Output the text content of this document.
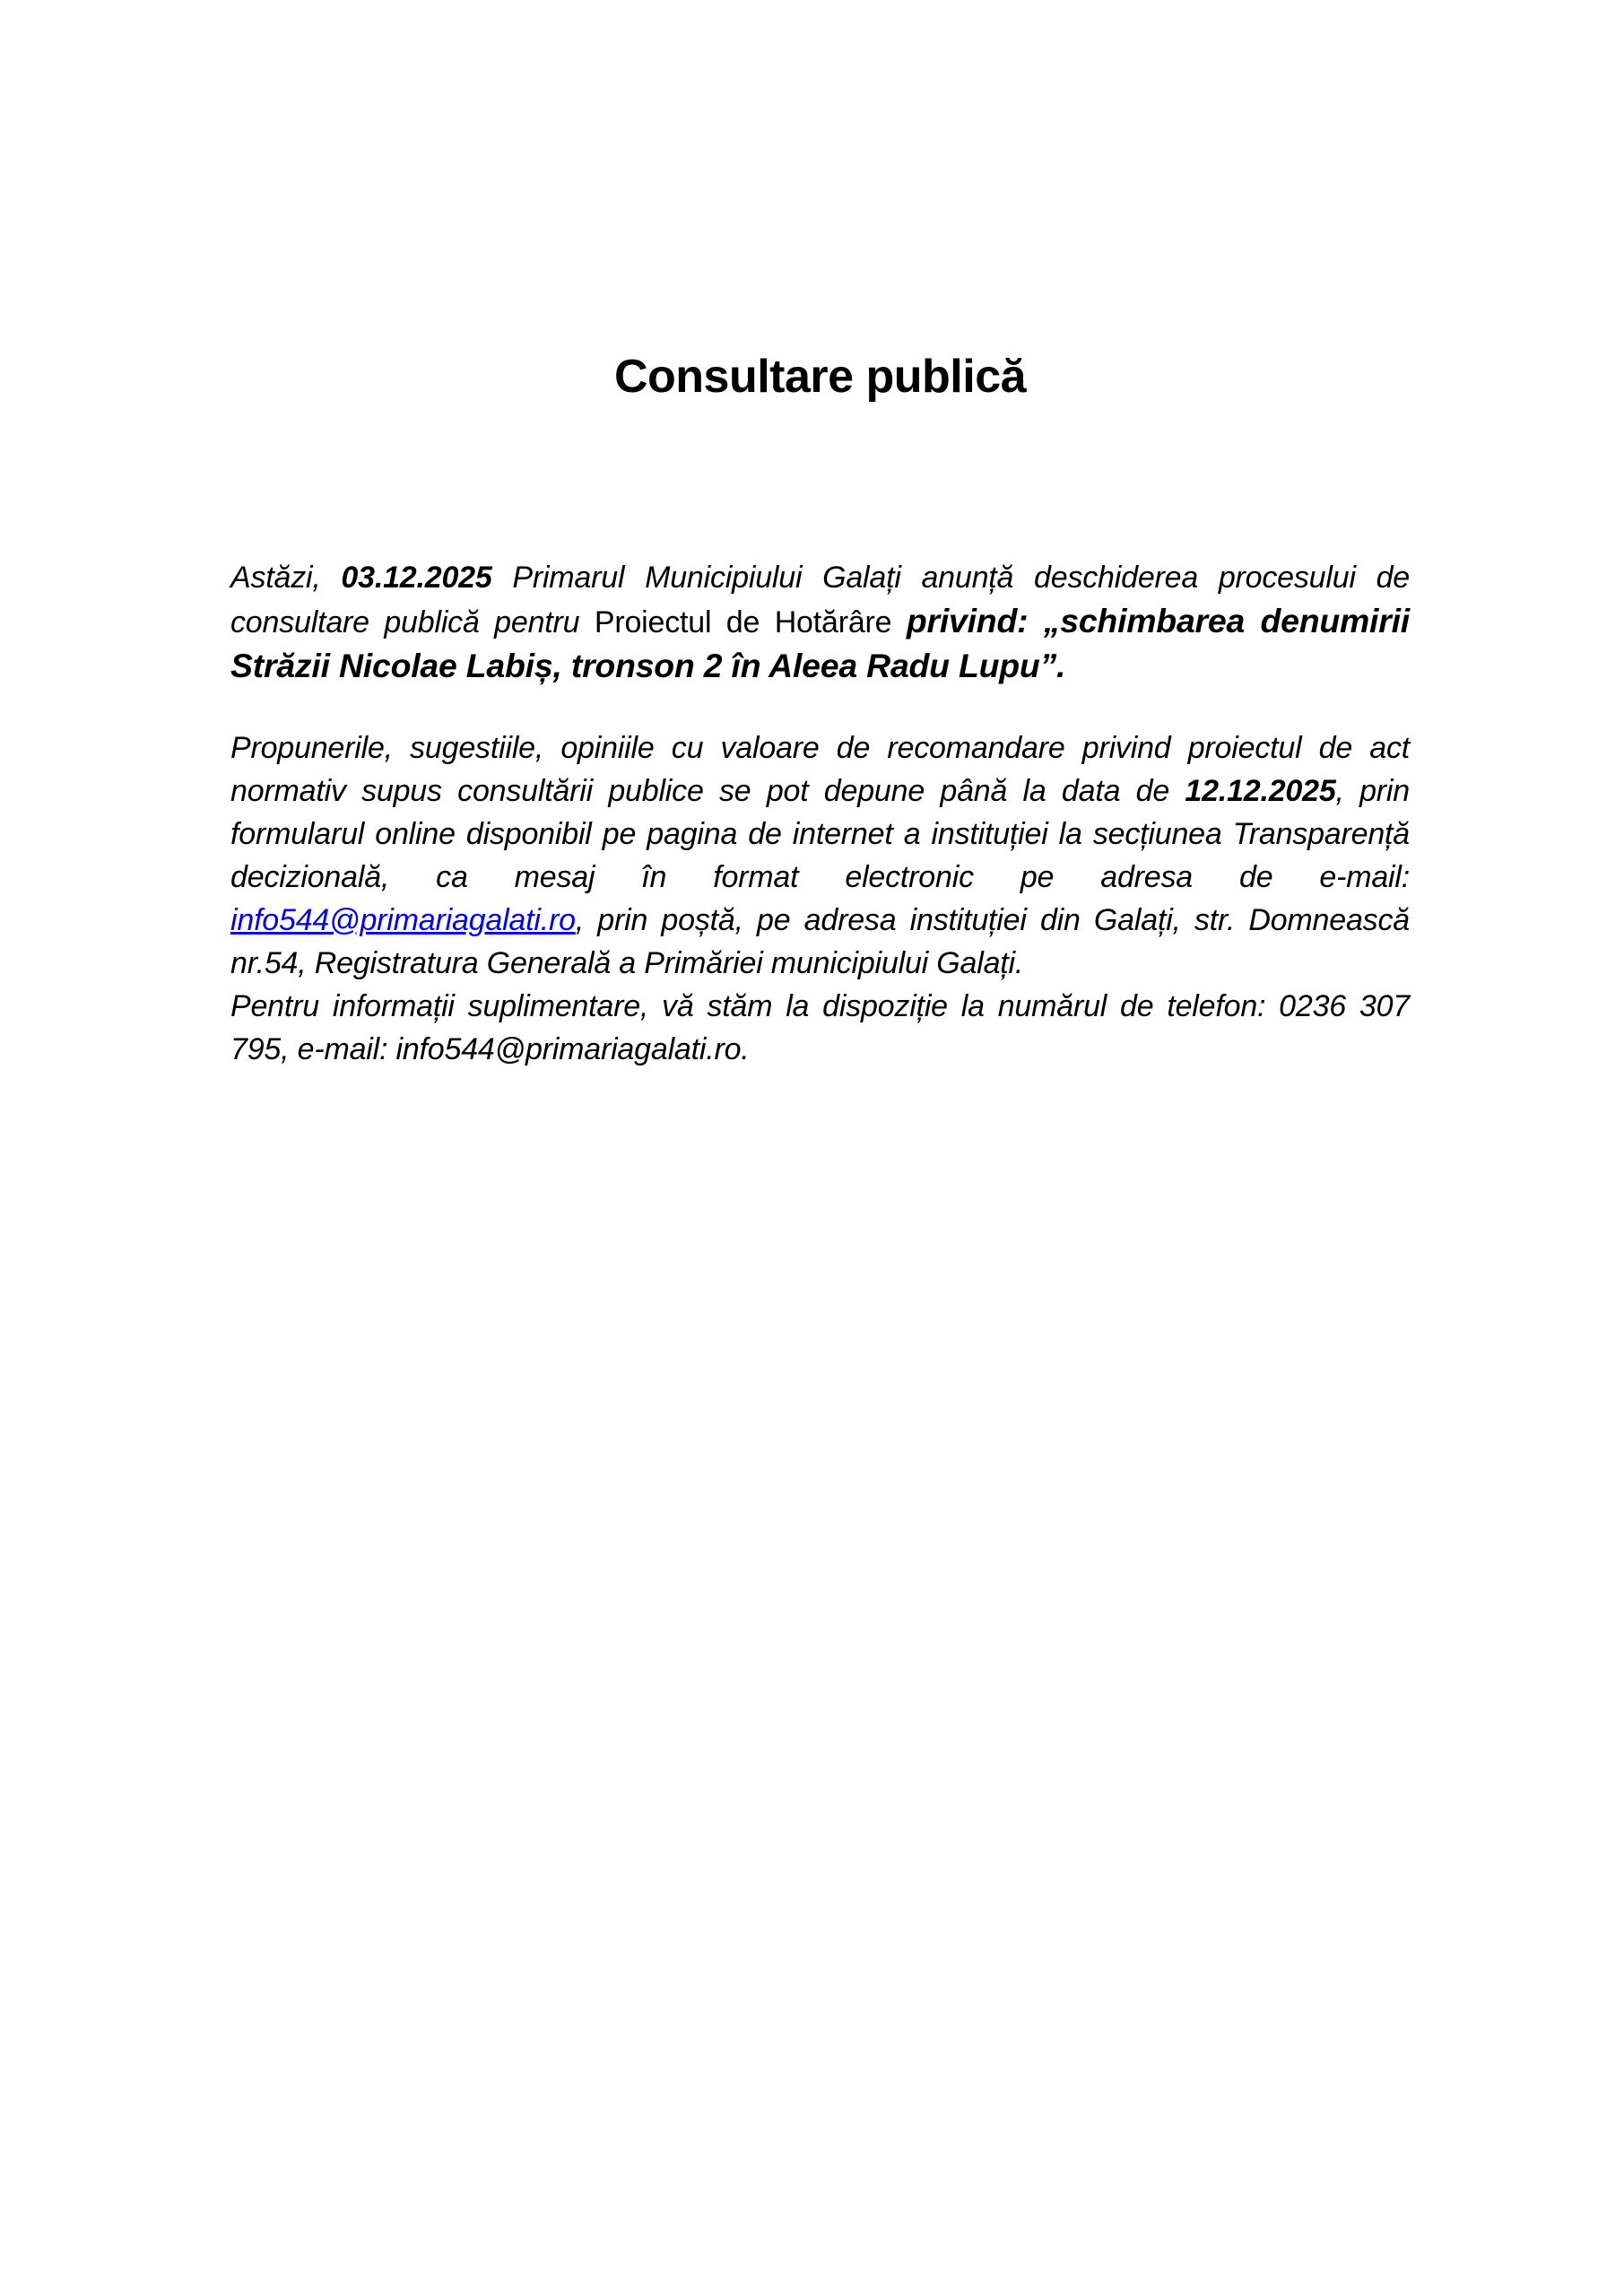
Consultare publică

Astăzi, 03.12.2025 Primarul Municipiului Galați anunță deschiderea procesului de consultare publică pentru Proiectul de Hotărâre privind: „schimbarea denumirii Străzii Nicolae Labiș, tronson 2 în Aleea Radu Lupu”.

Propunerile, sugestiile, opiniile cu valoare de recomandare privind proiectul de act normativ supus consultării publice se pot depune până la data de 12.12.2025, prin formularul online disponibil pe pagina de internet a instituției la secțiunea Transparență decizională, ca mesaj în format electronic pe adresa de e-mail: info544@primariagalati.ro, prin poștă, pe adresa instituției din Galați, str. Domnească nr.54, Registratura Generală a Primăriei municipiului Galați.

Pentru informații suplimentare, vă stăm la dispoziție la numărul de telefon: 0236 307 795, e-mail: info544@primariagalati.ro.
